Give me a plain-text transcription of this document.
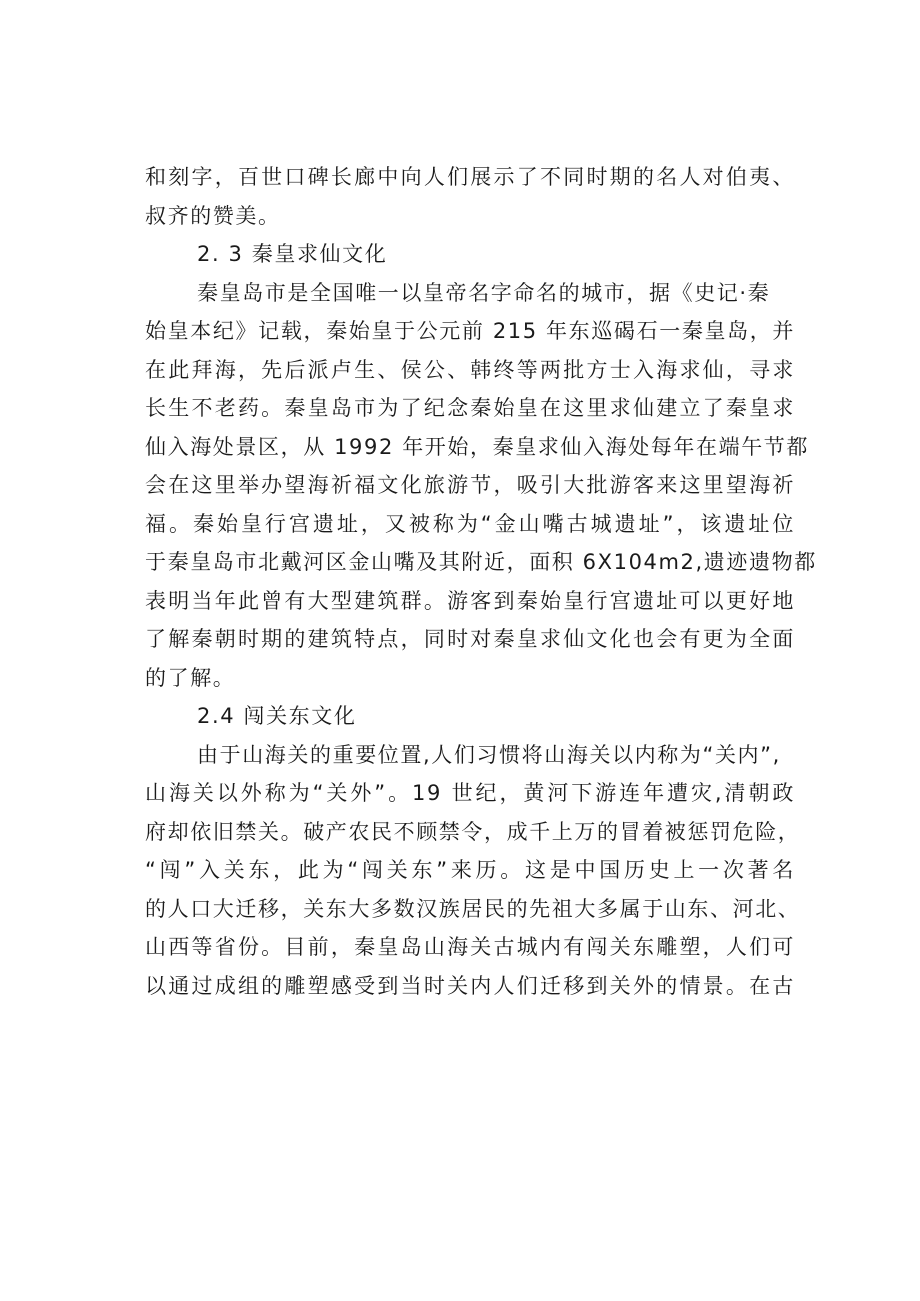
和刻字，百世口碑长廊中向人们展示了不同时期的名人对伯夷、
叔齐的赞美。
2. 3 秦皇求仙文化
秦皇岛市是全国唯一以皇帝名字命名的城市，据《史记·秦
始皇本纪》记载，秦始皇于公元前 215 年东巡碣石一秦皇岛，并
在此拜海，先后派卢生、侯公、韩终等两批方士入海求仙，寻求
长生不老药。秦皇岛市为了纪念秦始皇在这里求仙建立了秦皇求
仙入海处景区，从 1992 年开始，秦皇求仙入海处每年在端午节都
会在这里举办望海祈福文化旅游节，吸引大批游客来这里望海祈
福。秦始皇行宫遗址，又被称为“金山嘴古城遗址”，该遗址位
于秦皇岛市北戴河区金山嘴及其附近，面积 6X104m2,遗迹遗物都
表明当年此曾有大型建筑群。游客到秦始皇行宫遗址可以更好地
了解秦朝时期的建筑特点，同时对秦皇求仙文化也会有更为全面
的了解。
2.4 闯关东文化
由于山海关的重要位置,人们习惯将山海关以内称为“关内”,
山海关以外称为“关外”。19 世纪，黄河下游连年遭灾,清朝政
府却依旧禁关。破产农民不顾禁令，成千上万的冒着被惩罚危险，
“闯”入关东，此为“闯关东”来历。这是中国历史上一次著名
的人口大迁移，关东大多数汉族居民的先祖大多属于山东、河北、
山西等省份。目前，秦皇岛山海关古城内有闯关东雕塑，人们可
以通过成组的雕塑感受到当时关内人们迁移到关外的情景。在古
